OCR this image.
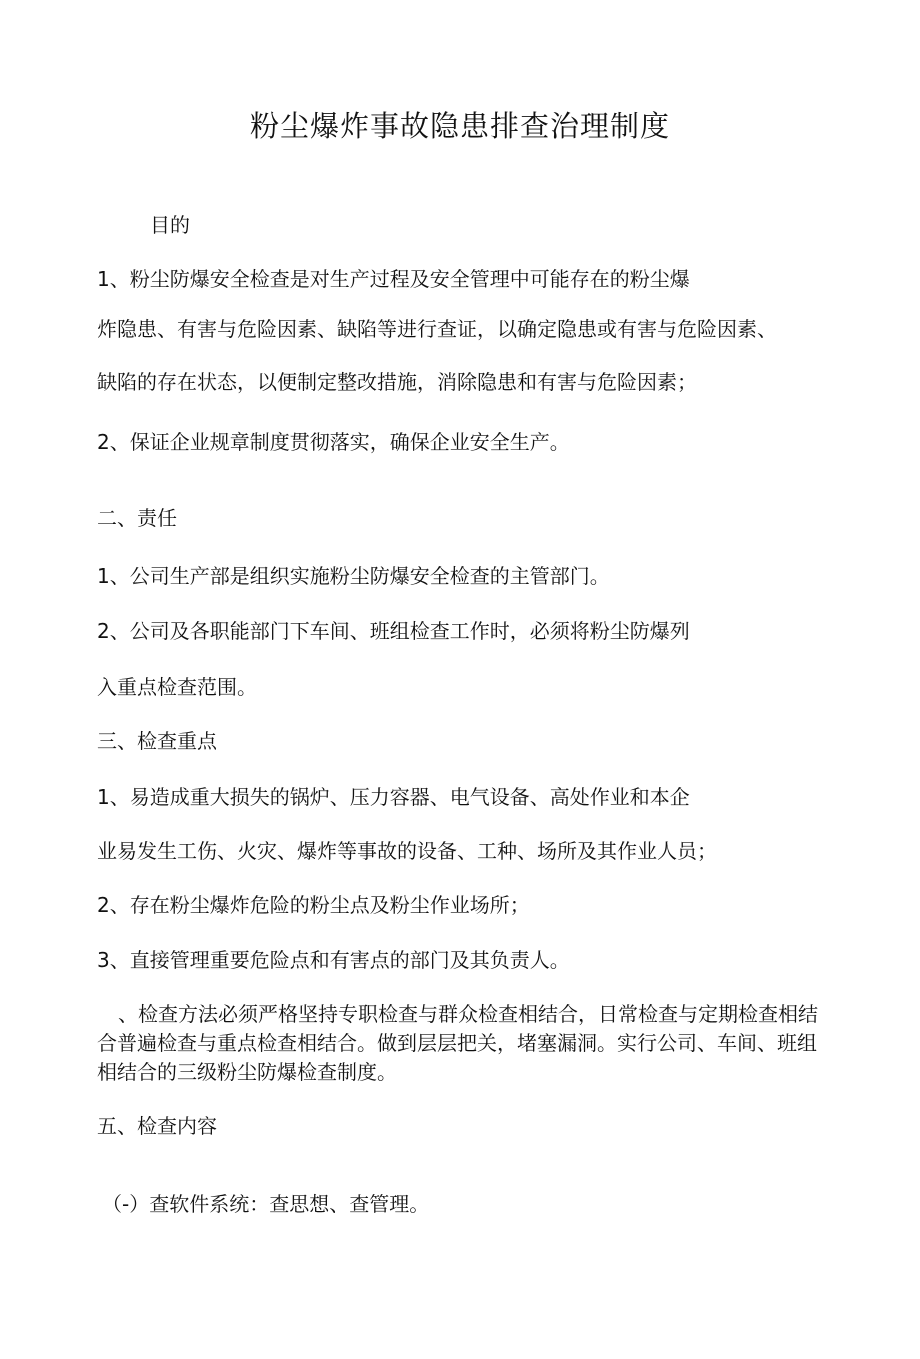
粉尘爆炸事故隐患排查治理制度
目的
1、粉尘防爆安全检查是对生产过程及安全管理中可能存在的粉尘爆
炸隐患、有害与危险因素、缺陷等进行查证，以确定隐患或有害与危险因素、
缺陷的存在状态，以便制定整改措施，消除隐患和有害与危险因素；
2、保证企业规章制度贯彻落实，确保企业安全生产。
二、责任
1、公司生产部是组织实施粉尘防爆安全检查的主管部门。
2、公司及各职能部门下车间、班组检查工作时，必须将粉尘防爆列
入重点检查范围。
三、检查重点
1、易造成重大损失的锅炉、压力容器、电气设备、高处作业和本企
业易发生工伤、火灾、爆炸等事故的设备、工种、场所及其作业人员；
2、存在粉尘爆炸危险的粉尘点及粉尘作业场所；
3、直接管理重要危险点和有害点的部门及其负责人。
、检查方法必须严格坚持专职检查与群众检查相结合，日常检查与定期检查相结合普遍检查与重点检查相结合。做到层层把关，堵塞漏洞。实行公司、车间、班组相结合的三级粉尘防爆检查制度。
五、检查内容
（-）查软件系统：查思想、查管理。
